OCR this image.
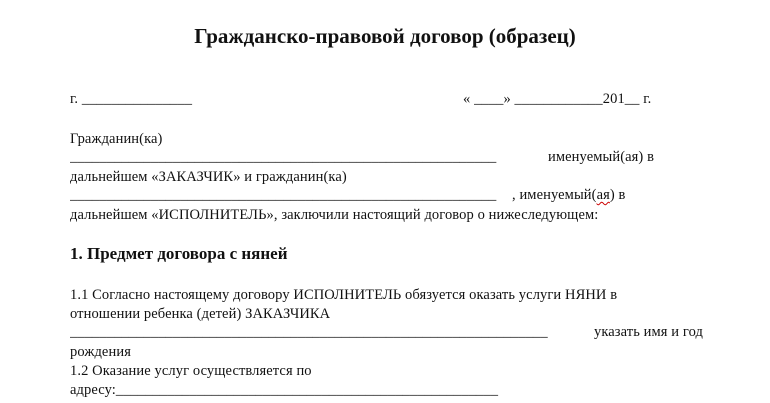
Гражданско-правовой договор (образец)
г. _______________	« ____» ____________201__ г.
Гражданин(ка)
__________________________________________________________	именуемый(ая) в
дальнейшем «ЗАКАЗЧИК» и гражданин(ка)
__________________________________________________________	, именуемый(ая) в
дальнейшем «ИСПОЛНИТЕЛЬ», заключили настоящий договор о нижеследующем:
1. Предмет договора с няней
1.1 Согласно настоящему договору ИСПОЛНИТЕЛЬ обязуется оказать услуги НЯНИ в
отношении ребенка (детей) ЗАКАЗЧИКА
_________________________________________________________________	указать имя и год
рождения
1.2 Оказание услуг осуществляется по
адресу:____________________________________________________
